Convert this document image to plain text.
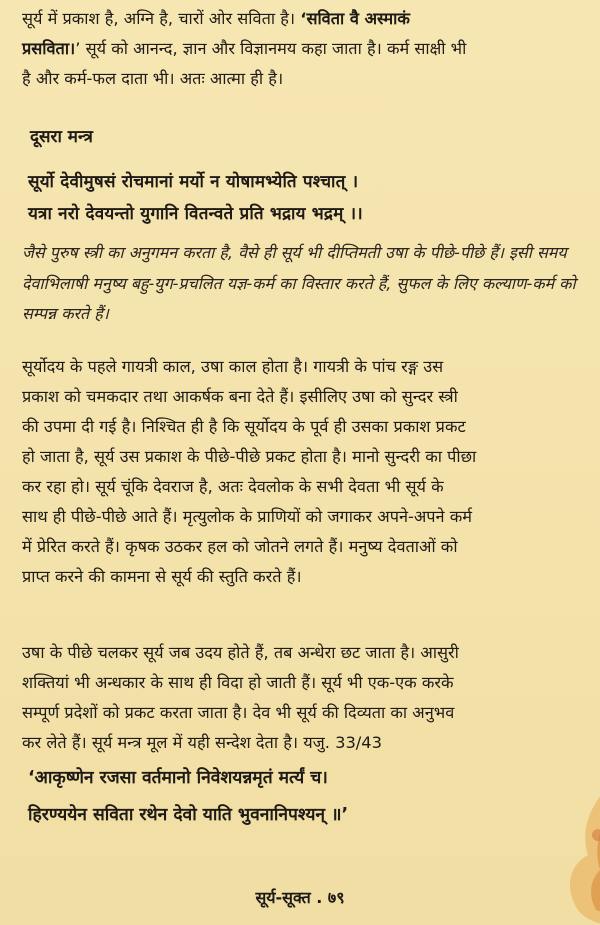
सूर्य में प्रकाश है, अग्नि है, चारों ओर सविता है। ‘सविता वै अस्माकं
प्रसविता।’ सूर्य को आनन्द, ज्ञान और विज्ञानमय कहा जाता है। कर्म साक्षी भी
है और कर्म-फल दाता भी। अतः आत्मा ही है।
दूसरा मन्त्र
सूर्यो देवीमुषसं रोचमानां मर्यो न योषामभ्येति पश्चात् ।
यत्रा नरो देवयन्तो युगानि वितन्वते प्रति भद्राय भद्रम् ।।
जैसे पुरुष स्त्री का अनुगमन करता है, वैसे ही सूर्य भी दीप्तिमती उषा के पीछे-पीछे हैं। इसी समय देवाभिलाषी मनुष्य बहु-युग-प्रचलित यज्ञ-कर्म का विस्तार करते हैं, सुफल के लिए कल्याण-कर्म को सम्पन्न करते हैं।
सूर्योदय के पहले गायत्री काल, उषा काल होता है। गायत्री के पांच रङ्ग उस
प्रकाश को चमकदार तथा आकर्षक बना देते हैं। इसीलिए उषा को सुन्दर स्त्री
की उपमा दी गई है। निश्चित ही है कि सूर्योदय के पूर्व ही उसका प्रकाश प्रकट
हो जाता है, सूर्य उस प्रकाश के पीछे-पीछे प्रकट होता है। मानो सुन्दरी का पीछा
कर रहा हो। सूर्य चूंकि देवराज है, अतः देवलोक के सभी देवता भी सूर्य के
साथ ही पीछे-पीछे आते हैं। मृत्युलोक के प्राणियों को जगाकर अपने-अपने कर्म
में प्रेरित करते हैं। कृषक उठकर हल को जोतने लगते हैं। मनुष्य देवताओं को
प्राप्त करने की कामना से सूर्य की स्तुति करते हैं।
उषा के पीछे चलकर सूर्य जब उदय होते हैं, तब अन्धेरा छट जाता है। आसुरी
शक्तियां भी अन्धकार के साथ ही विदा हो जाती हैं। सूर्य भी एक-एक करके
सम्पूर्ण प्रदेशों को प्रकट करता जाता है। देव भी सूर्य की दिव्यता का अनुभव
कर लेते हैं। सूर्य मन्त्र मूल में यही सन्देश देता है। यजु. 33/43
‘आकृष्णेन रजसा वर्तमानो निवेशयन्नमृतं मर्त्यं च।
हिरण्ययेन सविता रथेन देवो याति भुवनानिपश्यन् ॥’
सूर्य-सूक्त . ७९
